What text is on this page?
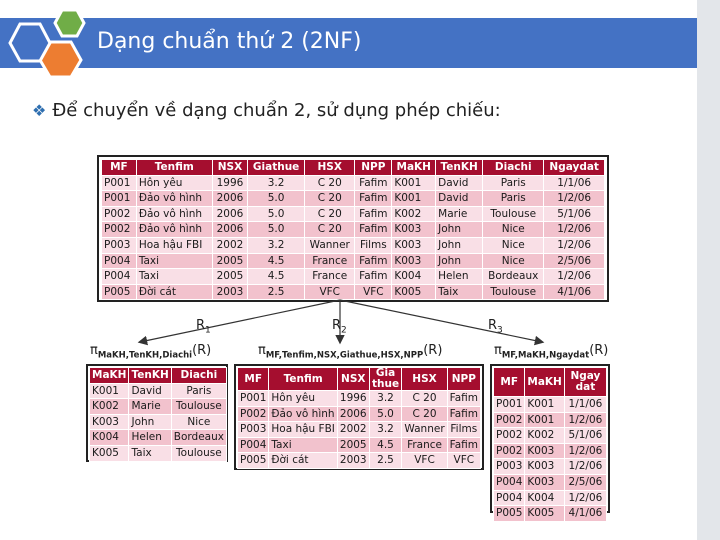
Dạng chuẩn thứ 2 (2NF)
❖ Để chuyển về dạng chuẩn 2, sử dụng phép chiếu:
MF	Tenfim	NSX	Giathue	HSX	NPP	MaKH	TenKH	Diachi	Ngaydat
P001	Hôn yêu	1996	3.2	C 20	Fafim	K001	David	Paris	1/1/06
P001	Đảo vô hình	2006	5.0	C 20	Fafim	K001	David	Paris	1/2/06
P002	Đảo vô hình	2006	5.0	C 20	Fafim	K002	Marie	Toulouse	5/1/06
P002	Đảo vô hình	2006	5.0	C 20	Fafim	K003	John	Nice	1/2/06
P003	Hoa hậu FBI	2002	3.2	Wanner	Films	K003	John	Nice	1/2/06
P004	Taxi	2005	4.5	France	Fafim	K003	John	Nice	2/5/06
P004	Taxi	2005	4.5	France	Fafim	K004	Helen	Bordeaux	1/2/06
P005	Đời cát	2003	2.5	VFC	VFC	K005	Taix	Toulouse	4/1/06
$R_1$	$R_2$	$R_3$
$\pi_{MaKH,TenKH,Diachi}(R)$	$\pi_{MF,Tenfim,NSX,Giathue,HSX,NPP}(R)$	$\pi_{MF,MaKH,Ngaydat}(R)$
MaKH	TenKH	Diachi
K001	David	Paris
K002	Marie	Toulouse
K003	John	Nice
K004	Helen	Bordeaux
K005	Taix	Toulouse
MF	Tenfim	NSX	Gia thue	HSX	NPP
P001	Hôn yêu	1996	3.2	C 20	Fafim
P002	Đảo vô hình	2006	5.0	C 20	Fafim
P003	Hoa hậu FBI	2002	3.2	Wanner	Films
P004	Taxi	2005	4.5	France	Fafim
P005	Đời cát	2003	2.5	VFC	VFC
MF	MaKH	Ngay dat
P001	K001	1/1/06
P002	K001	1/2/06
P002	K002	5/1/06
P002	K003	1/2/06
P003	K003	1/2/06
P004	K003	2/5/06
P004	K004	1/2/06
P005	K005	4/1/06
